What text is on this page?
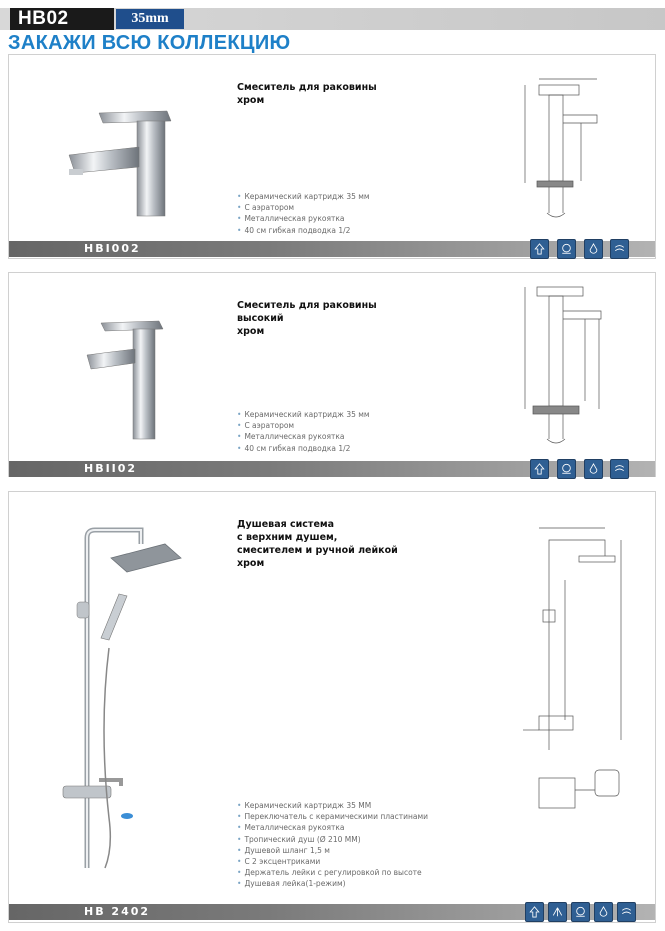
HB02	35mm
ЗАКАЖИ ВСЮ КОЛЛЕКЦИЮ
Смеситель для раковины
хром
• Керамический картридж 35 мм
• С аэратором
• Металлическая рукоятка
• 40 см гибкая подводка 1/2
HBI002
Смеситель для раковины
высокий
хром
• Керамический картридж 35 мм
• С аэратором
• Металлическая рукоятка
• 40 см гибкая подводка 1/2
HBII02
Душевая система
с верхним душем,
смесителем и ручной лейкой
хром
• Керамический картридж 35 ММ
• Переключатель с керамическими пластинами
• Металлическая рукоятка
• Тропический душ (Ø 210 ММ)
• Душевой шланг 1,5 м
• С 2 эксцентриками
• Держатель лейки с регулировкой по высоте
• Душевая лейка(1-режим)
HB 2402
